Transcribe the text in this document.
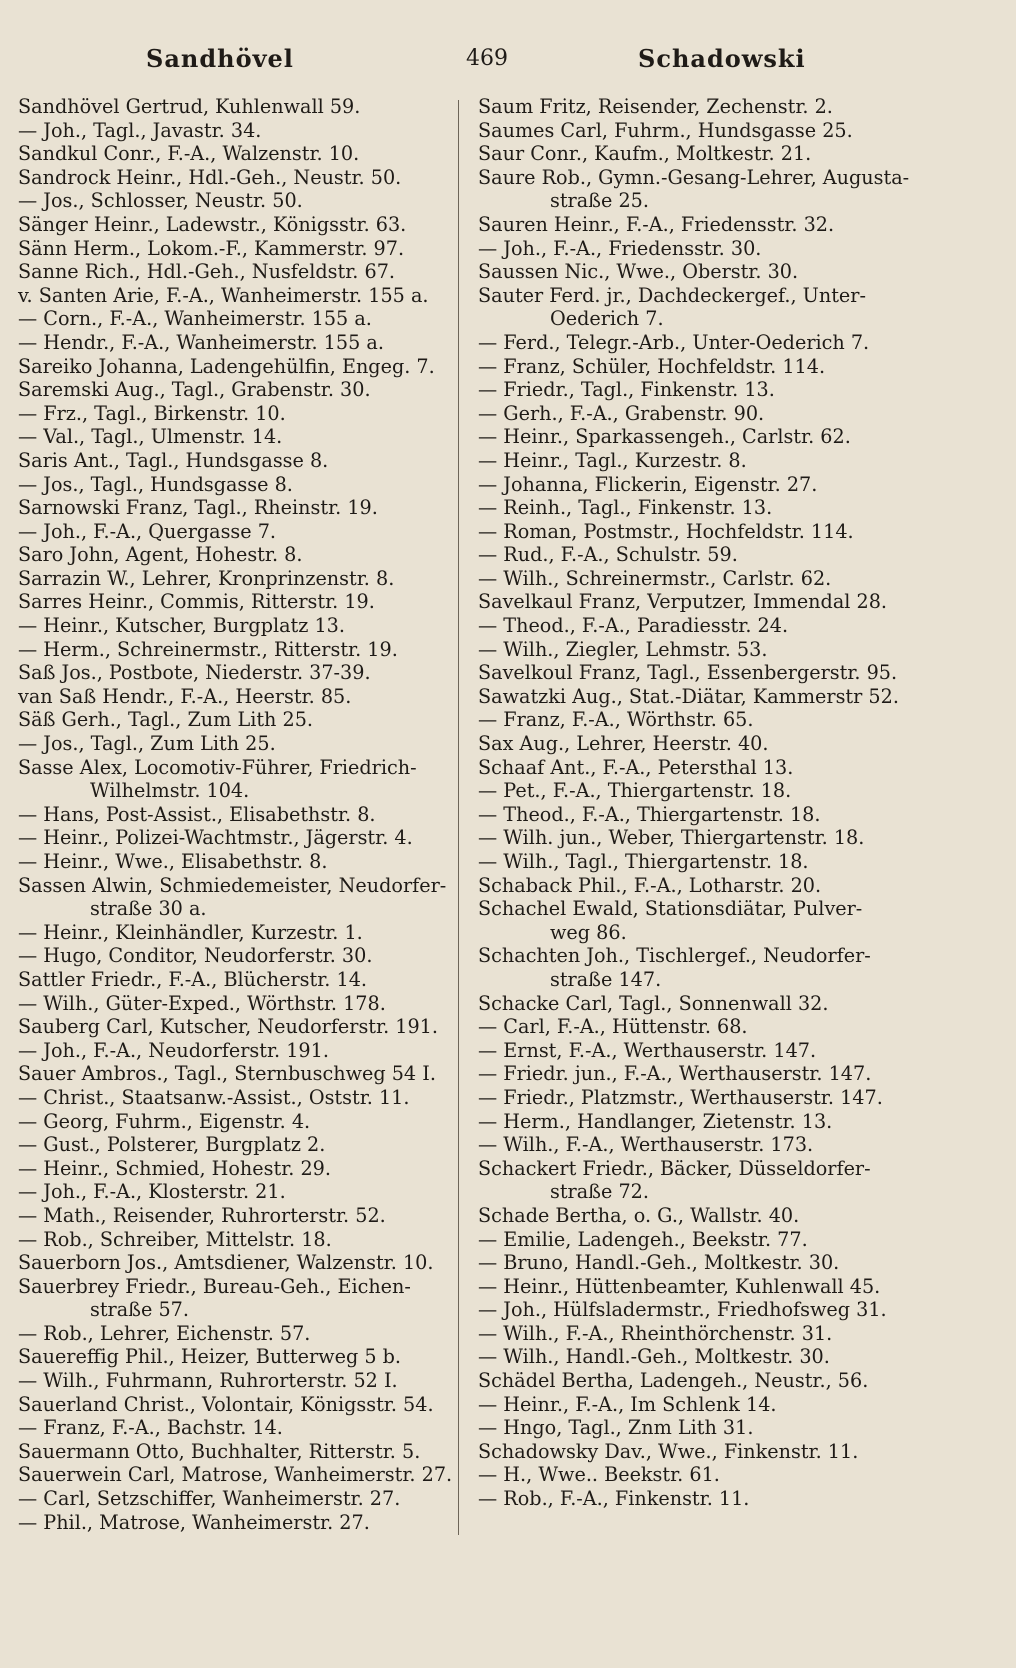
Sandhövel	469	Schadowski
Sandhövel Gertrud, Kuhlenwall 59.
— Joh., Tagl., Javastr. 34.
Sandkul Conr., F.-A., Walzenstr. 10.
Sandrock Heinr., Hdl.-Geh., Neustr. 50.
— Jos., Schlosser, Neustr. 50.
Sänger Heinr., Ladewstr., Königsstr. 63.
Sänn Herm., Lokom.-F., Kammerstr. 97.
Sanne Rich., Hdl.-Geh., Nusfeldstr. 67.
v. Santen Arie, F.-A., Wanheimerstr. 155 a.
— Corn., F.-A., Wanheimerstr. 155 a.
— Hendr., F.-A., Wanheimerstr. 155 a.
Sareiko Johanna, Ladengehülfin, Engeg. 7.
Saremski Aug., Tagl., Grabenstr. 30.
— Frz., Tagl., Birkenstr. 10.
— Val., Tagl., Ulmenstr. 14.
Saris Ant., Tagl., Hundsgasse 8.
— Jos., Tagl., Hundsgasse 8.
Sarnowski Franz, Tagl., Rheinstr. 19.
— Joh., F.-A., Quergasse 7.
Saro John, Agent, Hohestr. 8.
Sarrazin W., Lehrer, Kronprinzenstr. 8.
Sarres Heinr., Commis, Ritterstr. 19.
— Heinr., Kutscher, Burgplatz 13.
— Herm., Schreinermstr., Ritterstr. 19.
Saß Jos., Postbote, Niederstr. 37-39.
van Saß Hendr., F.-A., Heerstr. 85.
Säß Gerh., Tagl., Zum Lith 25.
— Jos., Tagl., Zum Lith 25.
Sasse Alex, Locomotiv-Führer, Friedrich-
Wilhelmstr. 104.
— Hans, Post-Assist., Elisabethstr. 8.
— Heinr., Polizei-Wachtmstr., Jägerstr. 4.
— Heinr., Wwe., Elisabethstr. 8.
Sassen Alwin, Schmiedemeister, Neudorfer-
straße 30 a.
— Heinr., Kleinhändler, Kurzestr. 1.
— Hugo, Conditor, Neudorferstr. 30.
Sattler Friedr., F.-A., Blücherstr. 14.
— Wilh., Güter-Exped., Wörthstr. 178.
Sauberg Carl, Kutscher, Neudorferstr. 191.
— Joh., F.-A., Neudorferstr. 191.
Sauer Ambros., Tagl., Sternbuschweg 54 I.
— Christ., Staatsanw.-Assist., Oststr. 11.
— Georg, Fuhrm., Eigenstr. 4.
— Gust., Polsterer, Burgplatz 2.
— Heinr., Schmied, Hohestr. 29.
— Joh., F.-A., Klosterstr. 21.
— Math., Reisender, Ruhrorterstr. 52.
— Rob., Schreiber, Mittelstr. 18.
Sauerborn Jos., Amtsdiener, Walzenstr. 10.
Sauerbrey Friedr., Bureau-Geh., Eichen-
straße 57.
— Rob., Lehrer, Eichenstr. 57.
Sauereffig Phil., Heizer, Butterweg 5 b.
— Wilh., Fuhrmann, Ruhrorterstr. 52 I.
Sauerland Christ., Volontair, Königsstr. 54.
— Franz, F.-A., Bachstr. 14.
Sauermann Otto, Buchhalter, Ritterstr. 5.
Sauerwein Carl, Matrose, Wanheimerstr. 27.
— Carl, Setzschiffer, Wanheimerstr. 27.
— Phil., Matrose, Wanheimerstr. 27.
Saum Fritz, Reisender, Zechenstr. 2.
Saumes Carl, Fuhrm., Hundsgasse 25.
Saur Conr., Kaufm., Moltkestr. 21.
Saure Rob., Gymn.-Gesang-Lehrer, Augusta-
straße 25.
Sauren Heinr., F.-A., Friedensstr. 32.
— Joh., F.-A., Friedensstr. 30.
Saussen Nic., Wwe., Oberstr. 30.
Sauter Ferd. jr., Dachdeckergef., Unter-
Oederich 7.
— Ferd., Telegr.-Arb., Unter-Oederich 7.
— Franz, Schüler, Hochfeldstr. 114.
— Friedr., Tagl., Finkenstr. 13.
— Gerh., F.-A., Grabenstr. 90.
— Heinr., Sparkassengeh., Carlstr. 62.
— Heinr., Tagl., Kurzestr. 8.
— Johanna, Flickerin, Eigenstr. 27.
— Reinh., Tagl., Finkenstr. 13.
— Roman, Postmstr., Hochfeldstr. 114.
— Rud., F.-A., Schulstr. 59.
— Wilh., Schreinermstr., Carlstr. 62.
Savelkaul Franz, Verputzer, Immendal 28.
— Theod., F.-A., Paradiesstr. 24.
— Wilh., Ziegler, Lehmstr. 53.
Savelkoul Franz, Tagl., Essenbergerstr. 95.
Sawatzki Aug., Stat.-Diätar, Kammerstr 52.
— Franz, F.-A., Wörthstr. 65.
Sax Aug., Lehrer, Heerstr. 40.
Schaaf Ant., F.-A., Petersthal 13.
— Pet., F.-A., Thiergartenstr. 18.
— Theod., F.-A., Thiergartenstr. 18.
— Wilh. jun., Weber, Thiergartenstr. 18.
— Wilh., Tagl., Thiergartenstr. 18.
Schaback Phil., F.-A., Lotharstr. 20.
Schachel Ewald, Stationsdiätar, Pulver-
weg 86.
Schachten Joh., Tischlergef., Neudorfer-
straße 147.
Schacke Carl, Tagl., Sonnenwall 32.
— Carl, F.-A., Hüttenstr. 68.
— Ernst, F.-A., Werthauserstr. 147.
— Friedr. jun., F.-A., Werthauserstr. 147.
— Friedr., Platzmstr., Werthauserstr. 147.
— Herm., Handlanger, Zietenstr. 13.
— Wilh., F.-A., Werthauserstr. 173.
Schackert Friedr., Bäcker, Düsseldorfer-
straße 72.
Schade Bertha, o. G., Wallstr. 40.
— Emilie, Ladengeh., Beekstr. 77.
— Bruno, Handl.-Geh., Moltkestr. 30.
— Heinr., Hüttenbeamter, Kuhlenwall 45.
— Joh., Hülfsladermstr., Friedhofsweg 31.
— Wilh., F.-A., Rheinthörchenstr. 31.
— Wilh., Handl.-Geh., Moltkestr. 30.
Schädel Bertha, Ladengeh., Neustr., 56.
— Heinr., F.-A., Im Schlenk 14.
— Hngo, Tagl., Znm Lith 31.
Schadowsky Dav., Wwe., Finkenstr. 11.
— H., Wwe.. Beekstr. 61.
— Rob., F.-A., Finkenstr. 11.
